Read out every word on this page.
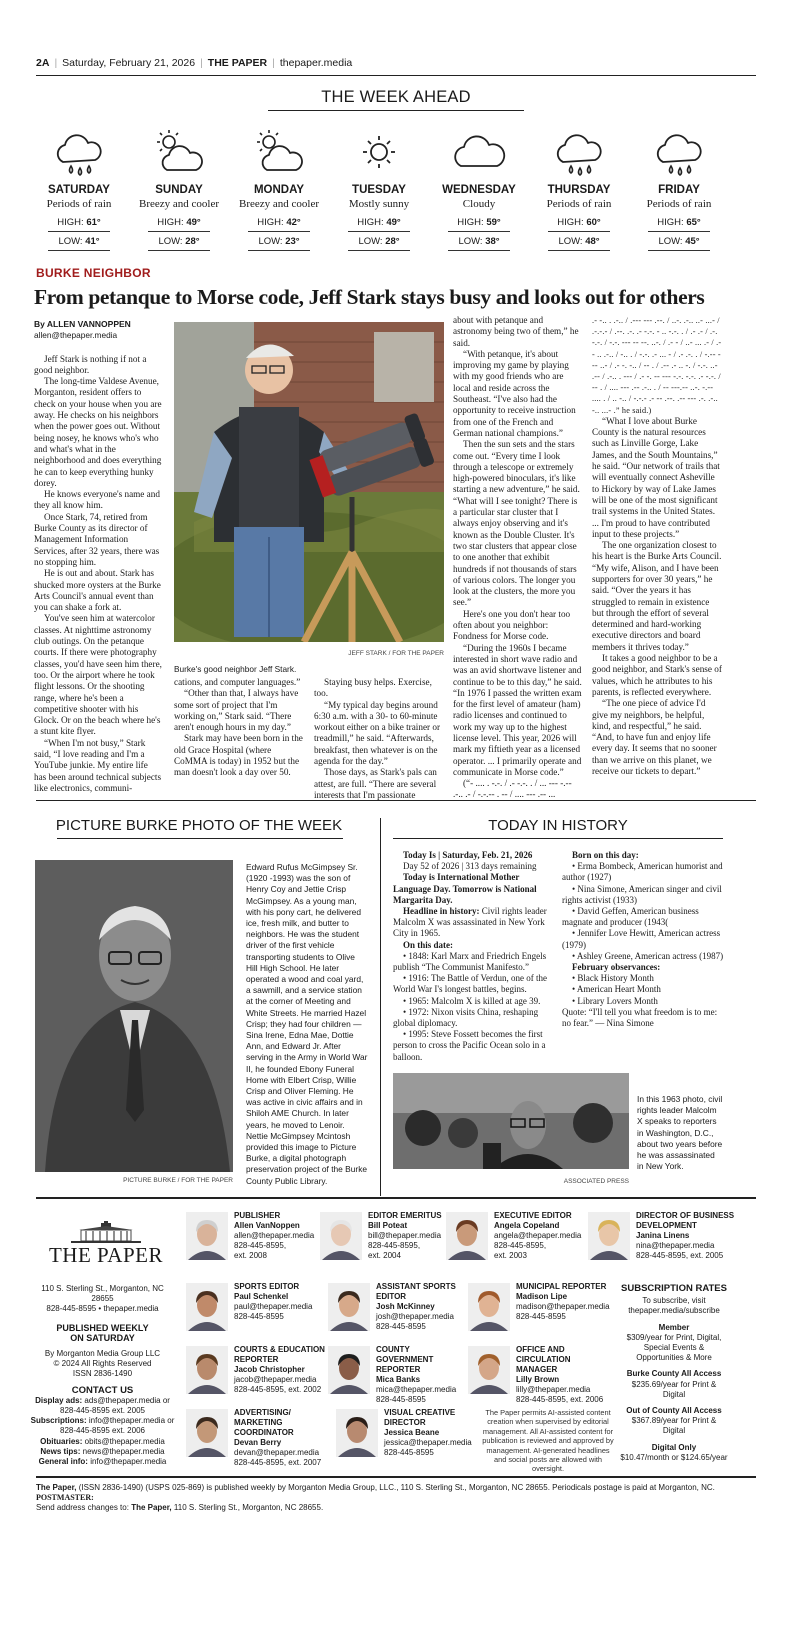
2A | Saturday, February 21, 2026 | THE PAPER | thepaper.media
THE WEEK AHEAD
SATURDAY
Periods of rain
HIGH: 61°
LOW: 41°
SUNDAY
Breezy and cooler
HIGH: 49°
LOW: 28°
MONDAY
Breezy and cooler
HIGH: 42°
LOW: 23°
TUESDAY
Mostly sunny
HIGH: 49°
LOW: 28°
WEDNESDAY
Cloudy
HIGH: 59°
LOW: 38°
THURSDAY
Periods of rain
HIGH: 60°
LOW: 48°
FRIDAY
Periods of rain
HIGH: 65°
LOW: 45°
BURKE NEIGHBOR
From petanque to Morse code, Jeff Stark stays busy and looks out for others
By ALLEN VANNOPPEN
allen@thepaper.media

Jeff Stark is nothing if not a good neighbor.

The long-time Valdese Avenue, Morganton, resident offers to check on your house when you are away. He checks on his neighbors when the power goes out. Without being nosey, he knows who's who and what's what in the neighborhood and does everything he can to keep everything hunky dorey.

He knows everyone's name and they all know him.

Once Stark, 74, retired from Burke County as its director of Management Information Services, after 32 years, there was no stopping him.

He is out and about. Stark has shucked more oysters at the Burke Arts Council's annual event than you can shake a fork at.

You've seen him at watercolor classes. At nighttime astronomy club outings. On the petanque courts. If there were photography classes, you'd have seen him there, too. Or the airport where he took flight lessons. Or the shooting range, where he's been a competitive shooter with his Glock. Or on the beach where he's a stunt kite flyer.

“When I'm not busy,” Stark said, “I love reading and I'm a YouTube junkie. My entire life has been around technical subjects like electronics, communi-

JEFF STARK / FOR THE PAPER
Burke's good neighbor Jeff Stark.

cations, and computer languages.”

“Other than that, I always have some sort of project that I'm working on,” Stark said. “There aren't enough hours in my day.”

Stark may have been born in the old Grace Hospital (where CoMMA is today) in 1952 but the man doesn't look a day over 50.

Staying busy helps. Exercise, too.

“My typical day begins around 6:30 a.m. with a 30- to 60-minute workout either on a bike trainer or treadmill,” he said. “Afterwards, breakfast, then whatever is on the agenda for the day.”

Those days, as Stark's pals can attest, are full. “There are several interests that I'm passionate

about with petanque and astronomy being two of them,” he said.

“With petanque, it's about improving my game by playing with my good friends who are local and reside across the Southeast. “I've also had the opportunity to receive instruction from one of the French and German national champions.”

Then the sun sets and the stars come out. “Every time I look through a telescope or extremely high-powered binoculars, it's like starting a new adventure,” he said. “What will I see tonight? There is a particular star cluster that I always enjoy observing and it's known as the Double Cluster. It's two star clusters that appear close to one another that exhibit hundreds if not thousands of stars of various colors. The longer you look at the clusters, the more you see.”

Here's one you don't hear too often about you neighbor: Fondness for Morse code.

“During the 1960s I became interested in short wave radio and was an avid shortwave listener and continue to be to this day,” he said. “In 1976 I passed the written exam for the first level of amateur (ham) radio licenses and continued to work my way up to the highest license level. This year, 2026 will mark my fiftieth year as a licensed operator. ... I primarily operate and communicate in Morse code.”

(“- .... . -.-. / .- -.-. . / ... --- -.-- .-.. .- / -.-.-- . -- / .... --- .-- ...

.- -.. . .-.. / .--- --- .--. / ..-. .-.. ..- ...- / .-.-.- / .--. .-. .- -.-. - .. -.-. . / .- .- / .-. -.-. / -.-. --- -- --. ..-. / .- - / ..- ... .- / .-- .. .-.. / -.. . / -.-. .- ... - / .- .-. . / -.-- --- ..- / .- -. -.. / -- . / .-- .- .. -. / -.-. ..- .-- / .-.. . --- / .- -. -- --- -.-. -.-. .- -.-. / -- . / .... --- .-- .-.. . / -- ---.-- ..-. -.-- .... . / .. -.. / -.-.- .- -- .--. .-- --- .-. .-.. -.. ...- .” he said.)

“What I love about Burke County is the natural resources such as Linville Gorge, Lake James, and the South Mountains,” he said. “Our network of trails that will eventually connect Asheville to Hickory by way of Lake James will be one of the most significant trail systems in the United States. ... I'm proud to have contributed input to these projects.”

The one organization closest to his heart is the Burke Arts Council. “My wife, Alison, and I have been supporters for over 30 years,” he said. “Over the years it has struggled to remain in existence but through the effort of several determined and hard-working executive directors and board members it thrives today.”

It takes a good neighbor to be a good neighbor, and Stark's sense of values, which he attributes to his parents, is reflected everywhere.

“The one piece of advice I'd give my neighbors, be helpful, kind, and respectful,” he said. “And, to have fun and enjoy life every day. It seems that no sooner than we arrive on this planet, we receive our tickets to depart.”

PICTURE BURKE PHOTO OF THE WEEK
PICTURE BURKE / FOR THE PAPER
Edward Rufus McGimpsey Sr. (1920 -1993) was the son of Henry Coy and Jettie Crisp McGimpsey. As a young man, with his pony cart, he delivered ice, fresh milk, and butter to neighbors. He was the student driver of the first vehicle transporting students to Olive Hill High School. He later operated a wood and coal yard, a sawmill, and a service station at the corner of Meeting and White Streets. He married Hazel Crisp; they had four children — Sina Irene, Edna Mae, Dottie Ann, and Edward Jr. After serving in the Army in World War II, he founded Ebony Funeral Home with Elbert Crisp, Willie Crisp and Oliver Fleming. He was active in civic affairs and in Shiloh AME Church. In later years, he moved to Lenoir. Nettie McGimpsey Mcintosh provided this image to Picture Burke, a digital photograph preservation project of the Burke County Public Library.
TODAY IN HISTORY

Today Is | Saturday, Feb. 21, 2026

Day 52 of 2026 | 313 days remaining

Today is International Mother Language Day. Tomorrow is National Margarita Day.

Headline in history: Civil rights leader Malcolm X was assassinated in New York City in 1965.

On this date:

• 1848: Karl Marx and Friedrich Engels publish “The Communist Manifesto.”

• 1916: The Battle of Verdun, one of the World War I's longest battles, begins.

• 1965: Malcolm X is killed at age 39.

• 1972: Nixon visits China, reshaping global diplomacy.

• 1995: Steve Fossett becomes the first person to cross the Pacific Ocean solo in a balloon.

Born on this day:

• Erma Bombeck, American humorist and author (1927)

• Nina Simone, American singer and civil rights activist (1933)

• David Geffen, American business magnate and producer (1943(

• Jennifer Love Hewitt, American actress (1979)

• Ashley Greene, American actress (1987)

February observances:

• Black History Month

• American Heart Month

• Library Lovers Month

Quote: “I'll tell you what freedom is to me: no fear.” — Nina Simone

In this 1963 photo, civil rights leader Malcolm X speaks to reporters in Washington, D.C., about two years before he was assassinated in New York.
ASSOCIATED PRESS
THE PAPER
110 S. Sterling St., Morganton, NC 28655
828-445-8595 • thepaper.media
PUBLISHED WEEKLY ON SATURDAY
By Morganton Media Group LLC
© 2024 All Rights Reserved
ISSN 2836-1490
CONTACT US
Display ads: ads@thepaper.media or 828-445-8595 ext. 2005
Subscriptions: info@thepaper.media or 828-445-8595 ext. 2006
Obituaries: obits@thepaper.media
News tips: news@thepaper.media
General info: info@thepaper.media
PUBLISHER
Allen VanNoppen
allen@thepaper.media
828-445-8595,
ext. 2008
EDITOR EMERITUS
Bill Poteat
bill@thepaper.media
828-445-8595,
ext. 2004
EXECUTIVE EDITOR
Angela Copeland
angela@thepaper.media
828-445-8595,
ext. 2003
DIRECTOR OF BUSINESS DEVELOPMENT
Janina Linens
nina@thepaper.media
828-445-8595, ext. 2005
SPORTS EDITOR
Paul Schenkel
paul@thepaper.media
828-445-8595
ASSISTANT SPORTS EDITOR
Josh McKinney
josh@thepaper.media
828-445-8595
MUNICIPAL REPORTER
Madison Lipe
madison@thepaper.media
828-445-8595
COURTS & EDUCATION REPORTER
Jacob Christopher
jacob@thepaper.media
828-445-8595, ext. 2002
COUNTY GOVERNMENT REPORTER
Mica Banks
mica@thepaper.media
828-445-8595
OFFICE AND CIRCULATION MANAGER
Lilly Brown
lilly@thepaper.media
828-445-8595, ext. 2006
ADVERTISING/ MARKETING COORDINATOR
Devan Berry
devan@thepaper.media
828-445-8595, ext. 2007
VISUAL CREATIVE DIRECTOR
Jessica Beane
jessica@thepaper.media
828-445-8595
The Paper permits AI-assisted content creation when supervised by editorial management. All AI-assisted content for publication is reviewed and approved by management. AI-generated headlines and social posts are allowed with oversight.
SUBSCRIPTION RATES
To subscribe, visit thepaper.media/subscribe
Member
$309/year for Print, Digital, Special Events & Opportunities & More
Burke County All Access
$235.69/year for Print & Digital
Out of County All Access
$367.89/year for Print & Digital
Digital Only
$10.47/month or $124.65/year
The Paper, (ISSN 2836-1490) (USPS 025-869) is published weekly by Morganton Media Group, LLC., 110 S. Sterling St., Morganton, NC 28655. Periodicals postage is paid at Morganton, NC. POSTMASTER:
Send address changes to: The Paper, 110 S. Sterling St., Morganton, NC 28655.
